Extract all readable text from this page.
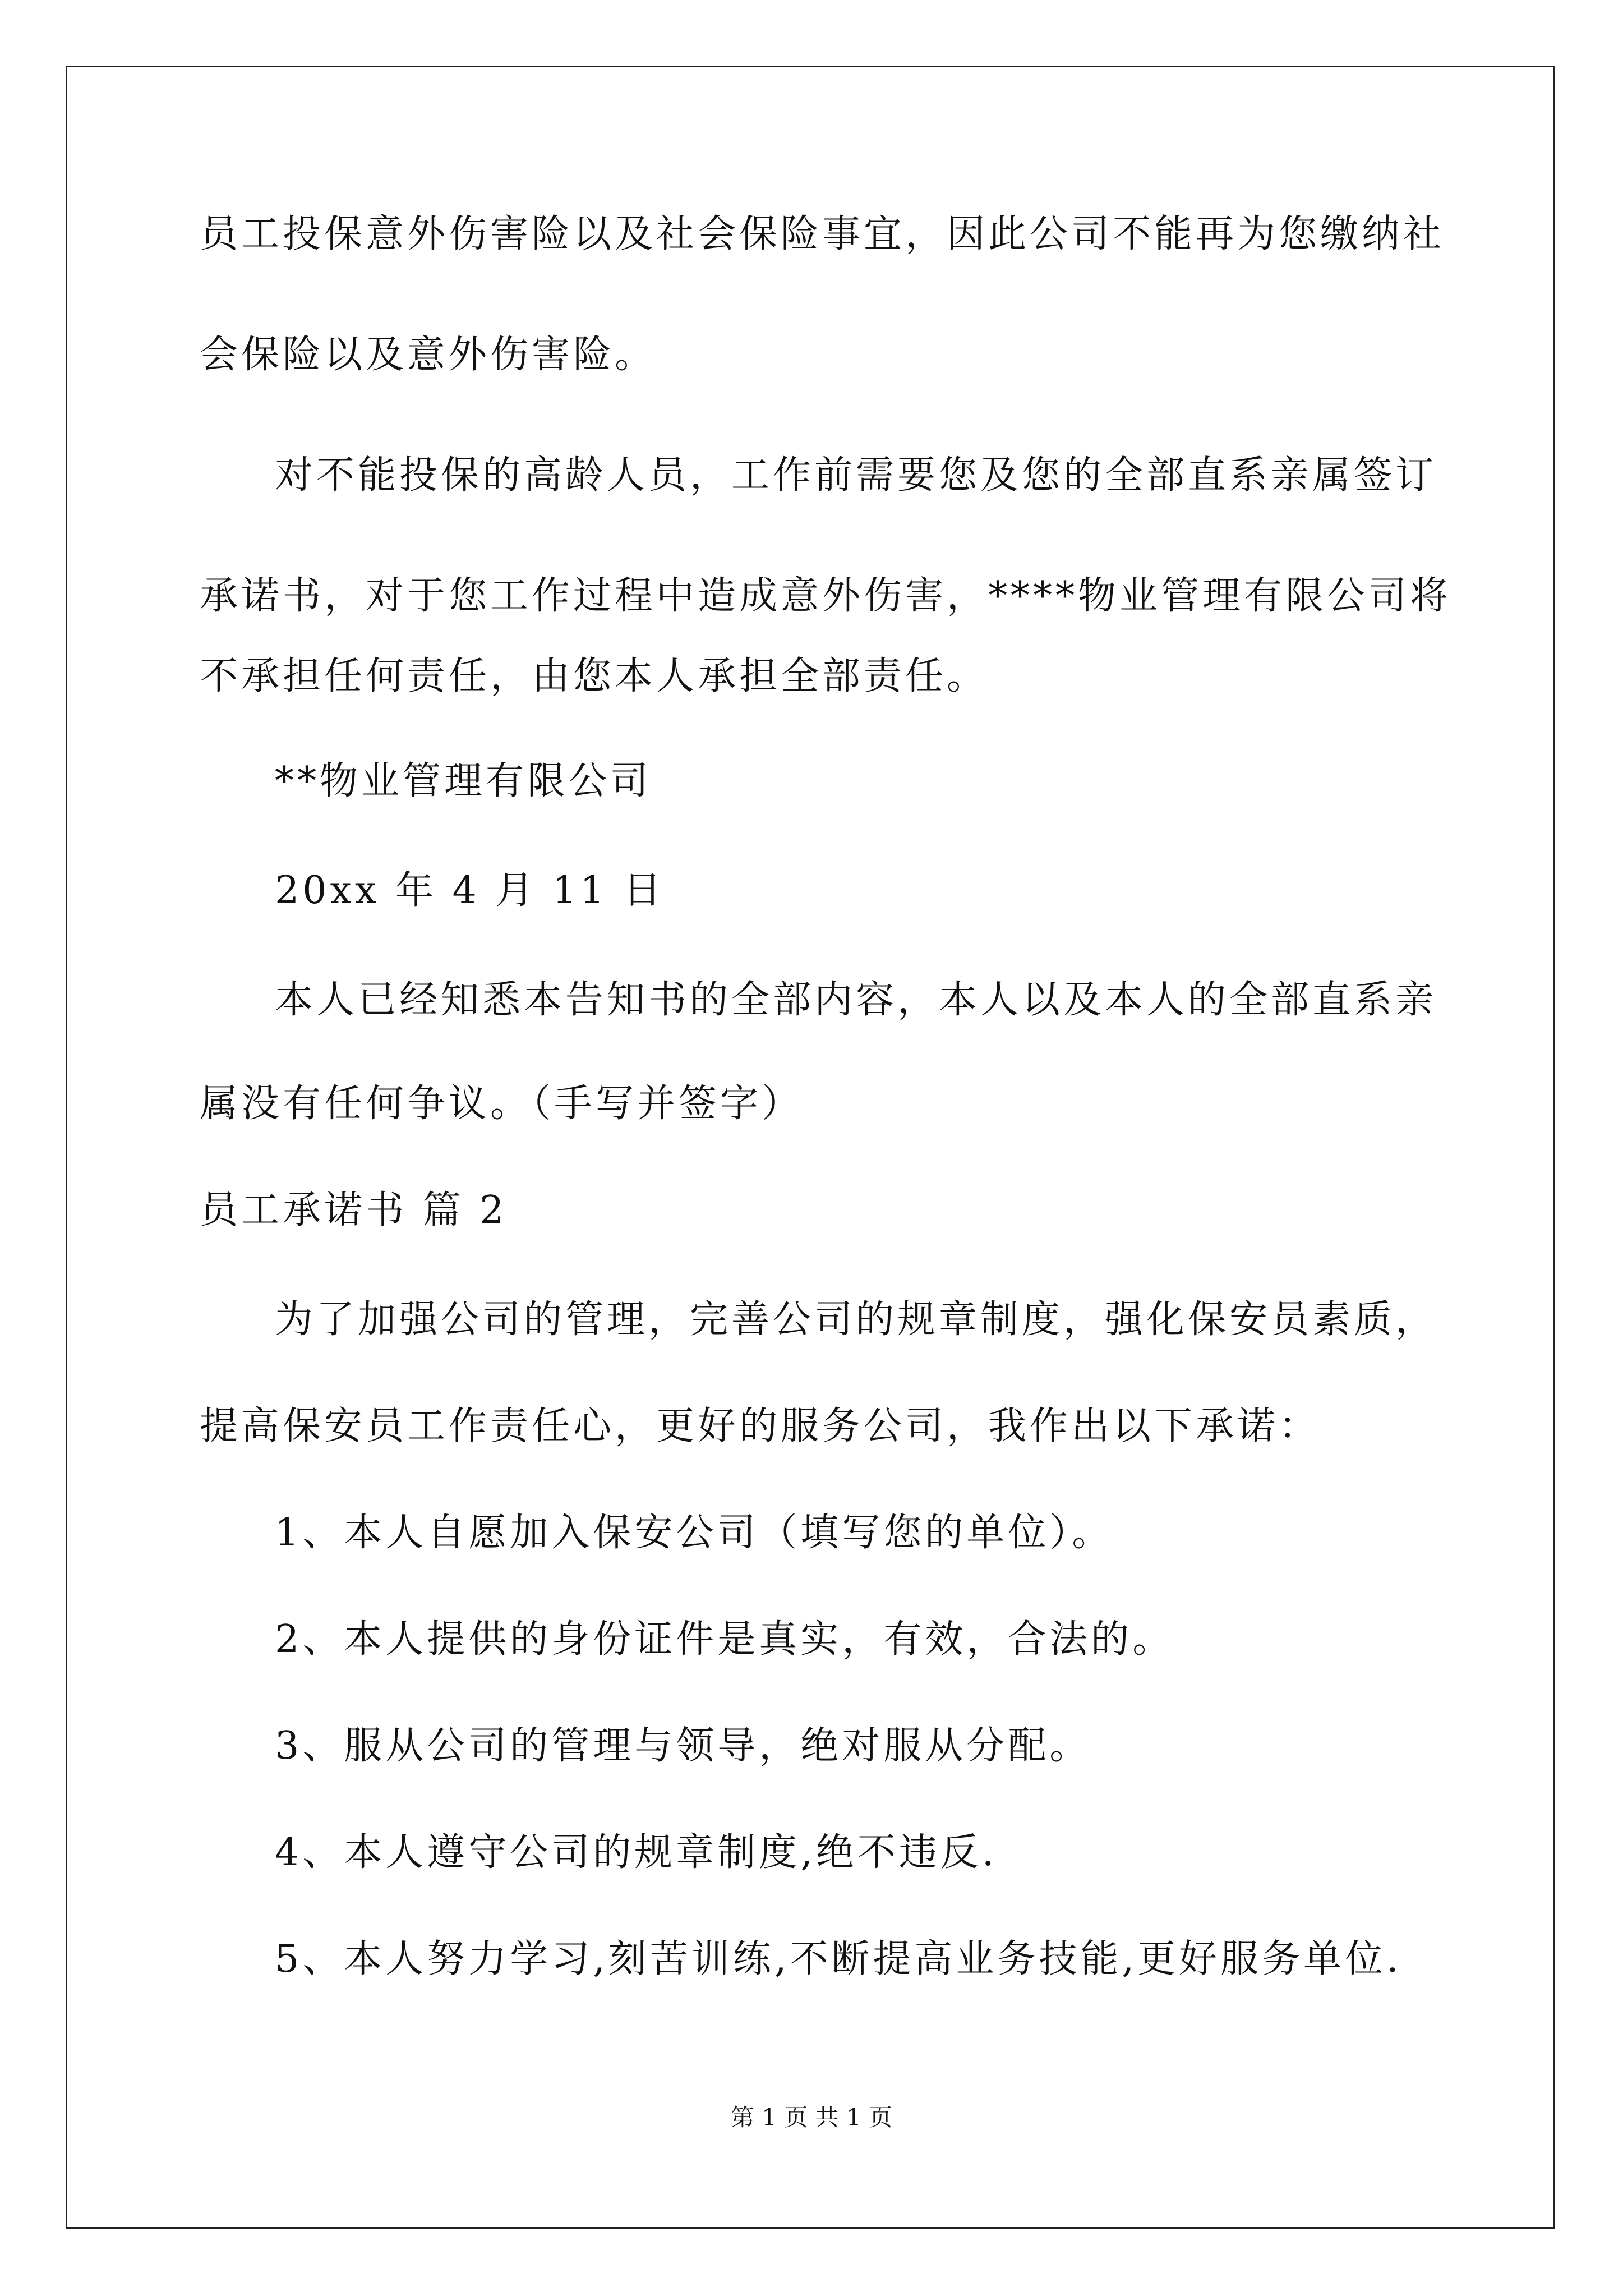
员工投保意外伤害险以及社会保险事宜，因此公司不能再为您缴纳社
会保险以及意外伤害险。
对不能投保的高龄人员，工作前需要您及您的全部直系亲属签订
承诺书，对于您工作过程中造成意外伤害，****物业管理有限公司将
不承担任何责任，由您本人承担全部责任。
**物业管理有限公司
20xx 年 4 月 11 日
本人已经知悉本告知书的全部内容，本人以及本人的全部直系亲
属没有任何争议。（手写并签字）
员工承诺书 篇 2
为了加强公司的管理，完善公司的规章制度，强化保安员素质，
提高保安员工作责任心，更好的服务公司，我作出以下承诺：
1、本人自愿加入保安公司（填写您的单位）。
2、本人提供的身份证件是真实，有效，合法的。
3、服从公司的管理与领导，绝对服从分配。
4、本人遵守公司的规章制度,绝不违反.
5、本人努力学习,刻苦训练,不断提高业务技能,更好服务单位.
第 1 页 共 1 页
